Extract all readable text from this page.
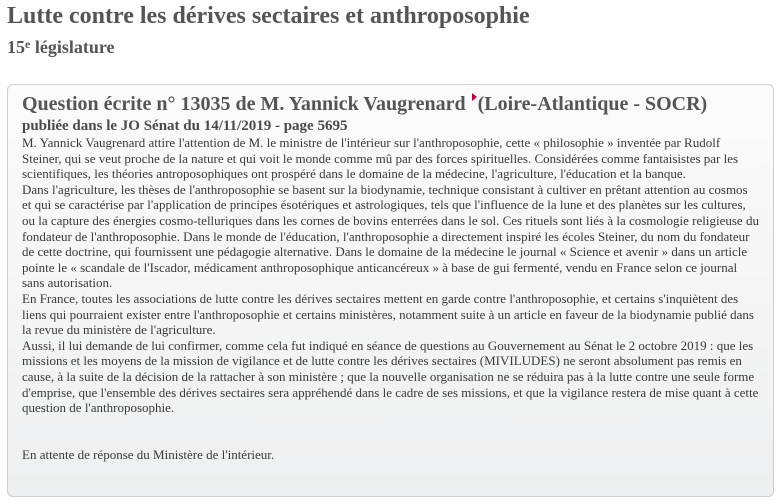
Lutte contre les dérives sectaires et anthroposophie
15e législature
Question écrite n° 13035 de M. Yannick Vaugrenard (Loire-Atlantique - SOCR)
publiée dans le JO Sénat du 14/11/2019 - page 5695

M. Yannick Vaugrenard attire l'attention de M. le ministre de l'intérieur sur l'anthroposophie, cette « philosophie » inventée par Rudolf Steiner, qui se veut proche de la nature et qui voit le monde comme mû par des forces spirituelles. Considérées comme fantaisistes par les scientifiques, les théories antroposophiques ont prospéré dans le domaine de la médecine, l'agriculture, l'éducation et la banque.

Dans l'agriculture, les thèses de l'anthroposophie se basent sur la biodynamie, technique consistant à cultiver en prêtant attention au cosmos et qui se caractérise par l'application de principes ésotériques et astrologiques, tels que l'influence de la lune et des planètes sur les cultures, ou la capture des énergies cosmo-telluriques dans les cornes de bovins enterrées dans le sol. Ces rituels sont liés à la cosmologie religieuse du fondateur de l'anthroposophie. Dans le monde de l'éducation, l'anthroposophie a directement inspiré les écoles Steiner, du nom du fondateur de cette doctrine, qui fournissent une pédagogie alternative. Dans le domaine de la médecine le journal « Science et avenir » dans un article pointe le « scandale de l'Iscador, médicament anthroposophique anticancéreux » à base de gui fermenté, vendu en France selon ce journal sans autorisation.

En France, toutes les associations de lutte contre les dérives sectaires mettent en garde contre l'anthroposophie, et certains s'inquiètent des liens qui pourraient exister entre l'anthroposophie et certains ministères, notamment suite à un article en faveur de la biodynamie publié dans la revue du ministère de l'agriculture.

Aussi, il lui demande de lui confirmer, comme cela fut indiqué en séance de questions au Gouvernement au Sénat le 2 octobre 2019 : que les missions et les moyens de la mission de vigilance et de lutte contre les dérives sectaires (MIVILUDES) ne seront absolument pas remis en cause, à la suite de la décision de la rattacher à son ministère ; que la nouvelle organisation ne se réduira pas à la lutte contre une seule forme d'emprise, que l'ensemble des dérives sectaires sera appréhendé dans le cadre de ses missions, et que la vigilance restera de mise quant à cette question de l'anthroposophie.

En attente de réponse du Ministère de l'intérieur.
